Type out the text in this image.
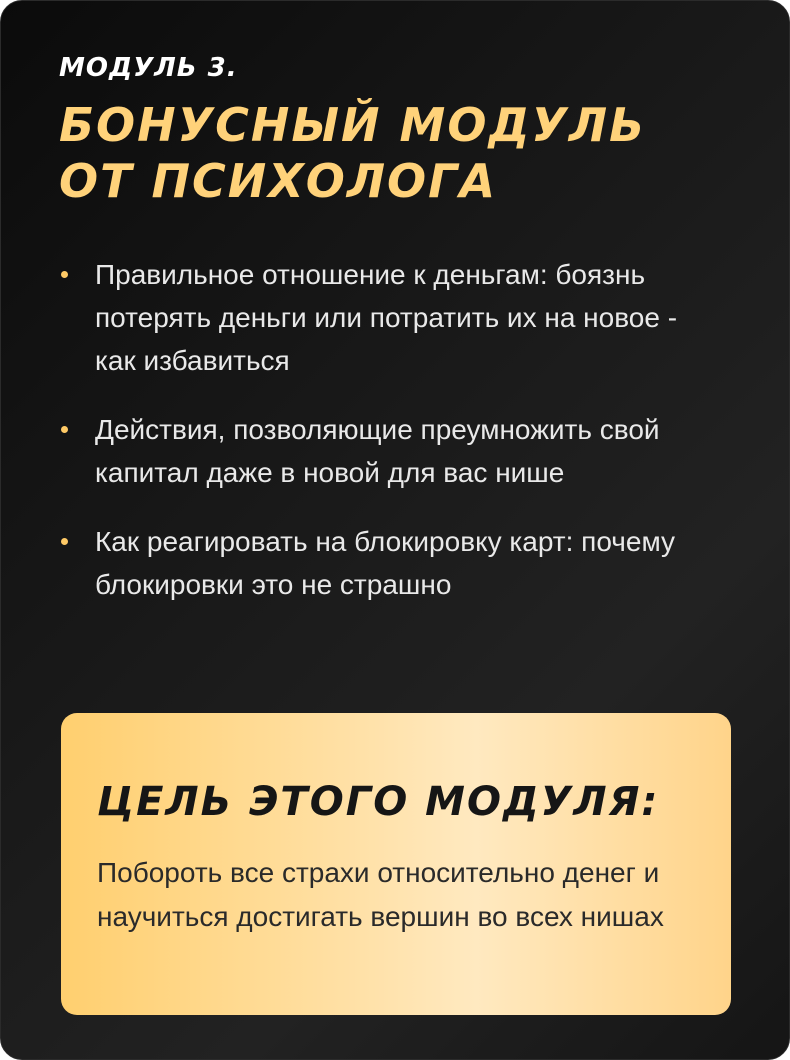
МОДУЛЬ 3.
БОНУСНЫЙ МОДУЛЬ
ОТ ПСИХОЛОГА
Правильное отношение к деньгам: боязнь потерять деньги или потратить их на новое - как избавиться
Действия, позволяющие преумножить свой капитал даже в новой для вас нише
Как реагировать на блокировку карт: почему блокировки это не страшно
ЦЕЛЬ ЭТОГО МОДУЛЯ:
Побороть все страхи относительно денег и научиться достигать вершин во всех нишах
